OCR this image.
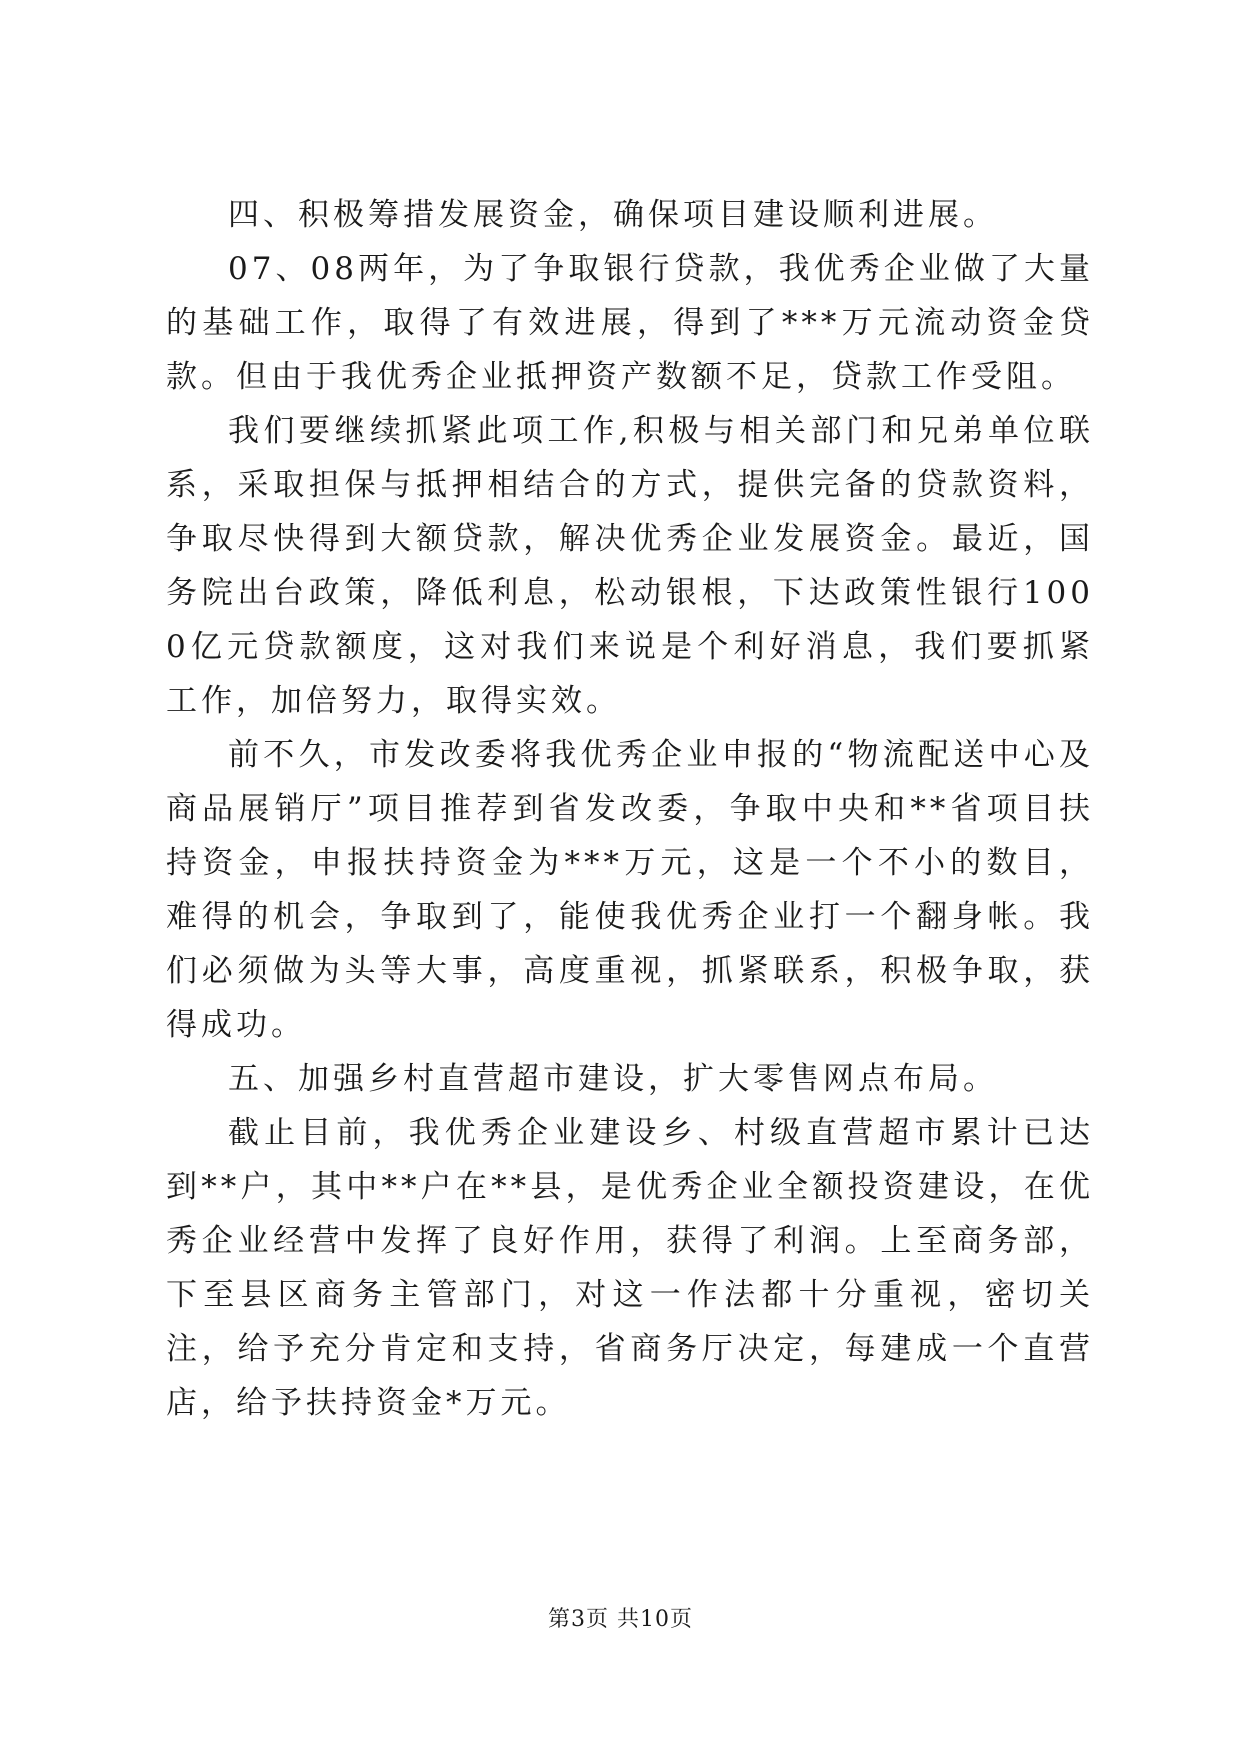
四、积极筹措发展资金，确保项目建设顺利进展。

07、08两年，为了争取银行贷款，我优秀企业做了大量的基础工作，取得了有效进展，得到了***万元流动资金贷款。但由于我优秀企业抵押资产数额不足，贷款工作受阻。

我们要继续抓紧此项工作,积极与相关部门和兄弟单位联系，采取担保与抵押相结合的方式，提供完备的贷款资料，争取尽快得到大额贷款，解决优秀企业发展资金。最近，国务院出台政策，降低利息，松动银根，下达政策性银行1000亿元贷款额度，这对我们来说是个利好消息，我们要抓紧工作，加倍努力，取得实效。

前不久，市发改委将我优秀企业申报的“物流配送中心及商品展销厅”项目推荐到省发改委，争取中央和**省项目扶持资金，申报扶持资金为***万元，这是一个不小的数目，难得的机会，争取到了，能使我优秀企业打一个翻身帐。我们必须做为头等大事，高度重视，抓紧联系，积极争取，获得成功。

五、加强乡村直营超市建设，扩大零售网点布局。

截止目前，我优秀企业建设乡、村级直营超市累计已达到**户，其中**户在**县，是优秀企业全额投资建设，在优秀企业经营中发挥了良好作用，获得了利润。上至商务部，下至县区商务主管部门，对这一作法都十分重视，密切关注，给予充分肯定和支持，省商务厅决定，每建成一个直营店，给予扶持资金*万元。

第3页 共10页
